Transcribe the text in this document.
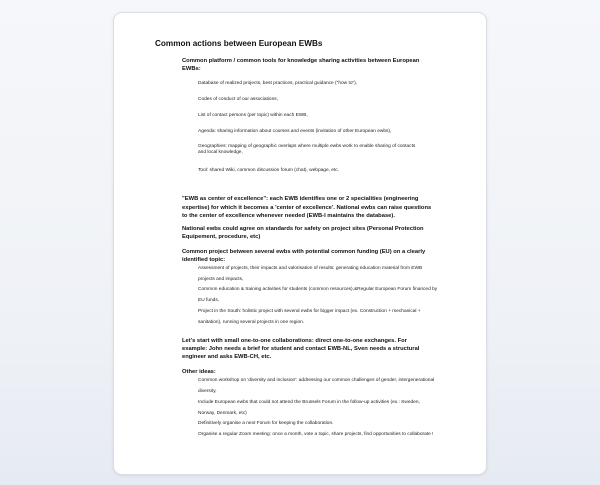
Common actions between European EWBs
Common platform / common tools for knowledge sharing activities between European EWBs:
Database of realized projects, best practices, practical guidance ("how to"),
Codes of conduct of our associations,
List of contact persons (per topic) within each EWB,
Agenda: sharing information about courses and events (invitation of other European ewbs),
Geographies: mapping of geographic overlaps where multiple ewbs work to enable sharing of contacts and local knowledge,
Tool: shared Wiki, common discussion forum (chat), webpage, etc.
"EWB as center of excellence": each EWB identifies one or 2 specialities (engineering expertise) for which it becomes a 'center of excellence'. National ewbs can raise questions to the center of excellence whenever needed (EWB-I maintains the database).
National ewbs could agree on standards for safety on project sites (Personal Protection Equipement, procedure, etc)
Common project between several ewbs with potential common funding (EU) on a clearly identified topic:
Assessment of projects, their impacts and valorisation of results: generating education material from EWB projects and impacts,
Common education & training activities for students (common resources),&Regular European Forum financed by EU funds,
Project in the South: holistic project with several ewbs for bigger impact (ex. Construction + mechanical + sanitation), running several projects in one region.
Let's start with small one-to-one collaborations: direct one-to-one exchanges. For example: John needs a brief for student and contact EWB-NL, Sven needs a structural engineer and asks EWB-CH, etc.
Other ideas:
Common workshop on 'diversity and inclusion': addressing our common challenges of gender, intergenerational diversity,
Include European ewbs that could not attend the Brussels Forum in the follow-up activities (ex.: Sweden, Norway, Denmark, etc)
Definitively organise a next Forum for keeping the collaboration.
Organise a regular Zoom meeting: once a month, vote a topic, share projects, find opportunities to collaborate !
